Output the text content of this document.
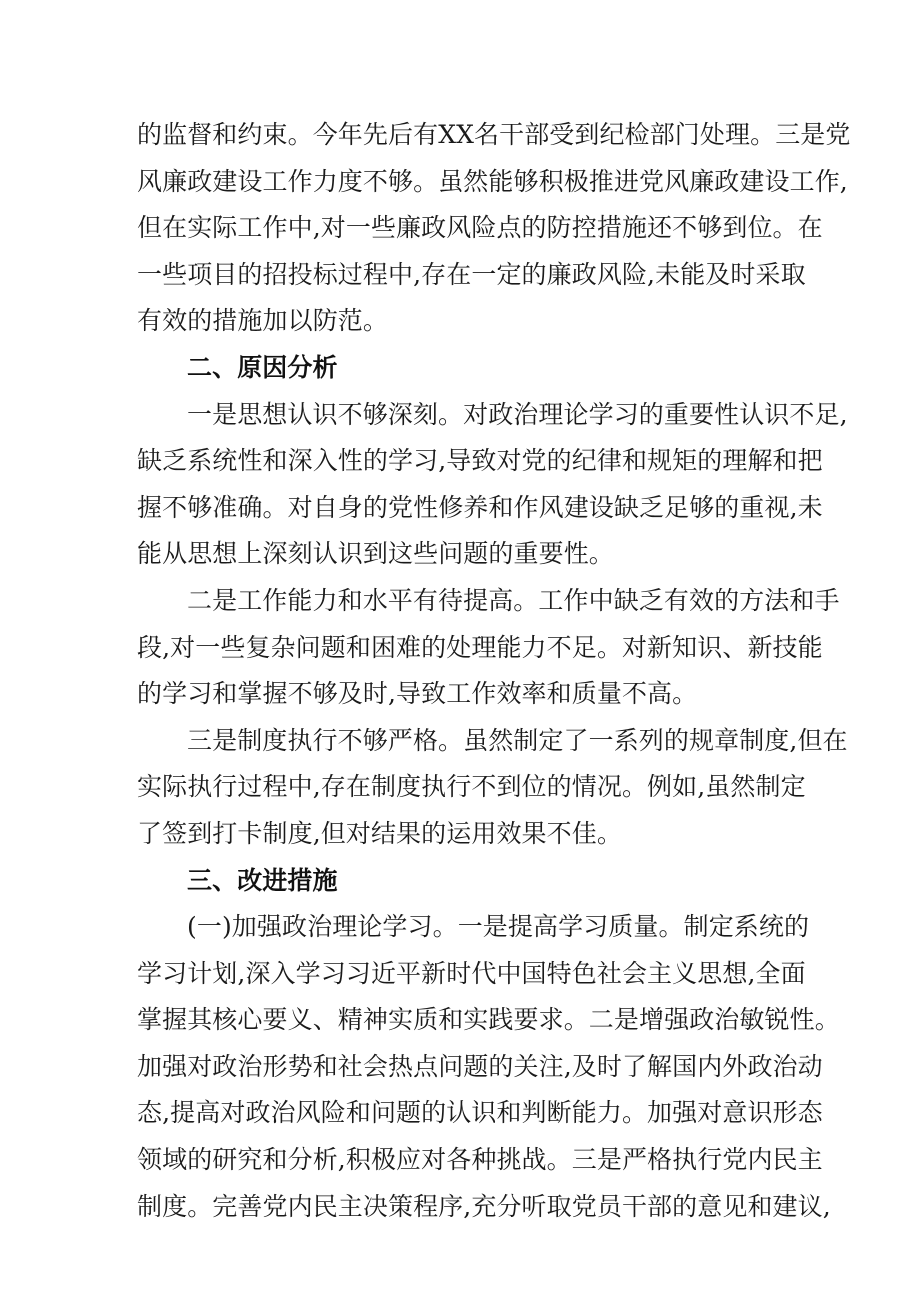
的监督和约束。今年先后有XX名干部受到纪检部门处理。三是党
风廉政建设工作力度不够。虽然能够积极推进党风廉政建设工作,
但在实际工作中,对一些廉政风险点的防控措施还不够到位。在
一些项目的招投标过程中,存在一定的廉政风险,未能及时采取
有效的措施加以防范。
二、原因分析
一是思想认识不够深刻。对政治理论学习的重要性认识不足,
缺乏系统性和深入性的学习,导致对党的纪律和规矩的理解和把
握不够准确。对自身的党性修养和作风建设缺乏足够的重视,未
能从思想上深刻认识到这些问题的重要性。
二是工作能力和水平有待提高。工作中缺乏有效的方法和手
段,对一些复杂问题和困难的处理能力不足。对新知识、新技能
的学习和掌握不够及时,导致工作效率和质量不高。
三是制度执行不够严格。虽然制定了一系列的规章制度,但在
实际执行过程中,存在制度执行不到位的情况。例如,虽然制定
了签到打卡制度,但对结果的运用效果不佳。
三、改进措施
(一)加强政治理论学习。一是提高学习质量。制定系统的
学习计划,深入学习习近平新时代中国特色社会主义思想,全面
掌握其核心要义、精神实质和实践要求。二是增强政治敏锐性。
加强对政治形势和社会热点问题的关注,及时了解国内外政治动
态,提高对政治风险和问题的认识和判断能力。加强对意识形态
领域的研究和分析,积极应对各种挑战。三是严格执行党内民主
制度。完善党内民主决策程序,充分听取党员干部的意见和建议,
